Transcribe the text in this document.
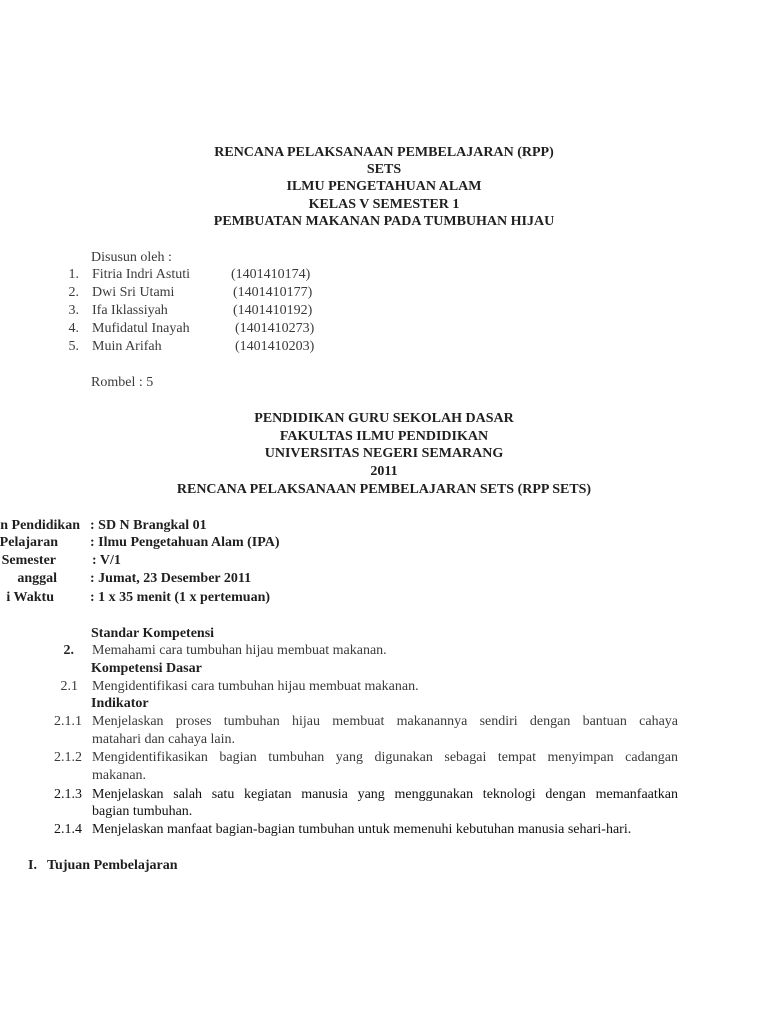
RENCANA PELAKSANAAN PEMBELAJARAN (RPP)
SETS
ILMU PENGETAHUAN ALAM
KELAS V SEMESTER 1
PEMBUATAN MAKANAN PADA TUMBUHAN HIJAU
Disusun oleh :
1. Fitria Indri Astuti	(1401410174)
2. Dwi Sri Utami	(1401410177)
3. Ifa Iklassiyah	(1401410192)
4. Mufidatul Inayah	(1401410273)
5. Muin Arifah	(1401410203)
Rombel : 5
PENDIDIKAN GURU SEKOLAH DASAR
FAKULTAS ILMU PENDIDIKAN
UNIVERSITAS NEGERI SEMARANG
2011
RENCANA PELAKSANAAN PEMBELAJARAN SETS (RPP SETS)
n Pendidikan : SD N Brangkal 01
Pelajaran : Ilmu Pengetahuan Alam (IPA)
Semester	: V/1
anggal : Jumat, 23 Desember 2011
i Waktu	: 1 x 35 menit (1 x pertemuan)
Standar Kompetensi
2. Memahami cara tumbuhan hijau membuat makanan.
Kompetensi Dasar
2.1 Mengidentifikasi cara tumbuhan hijau membuat makanan.
Indikator
2.1.1 Menjelaskan proses tumbuhan hijau membuat makanannya sendiri dengan bantuan cahaya
matahari dan cahaya lain.
2.1.2 Mengidentifikasikan bagian tumbuhan yang digunakan sebagai tempat menyimpan cadangan
makanan.
2.1.3 Menjelaskan salah satu kegiatan manusia yang menggunakan teknologi dengan memanfaatkan
bagian tumbuhan.
2.1.4 Menjelaskan manfaat bagian-bagian tumbuhan untuk memenuhi kebutuhan manusia sehari-hari.
I. Tujuan Pembelajaran
